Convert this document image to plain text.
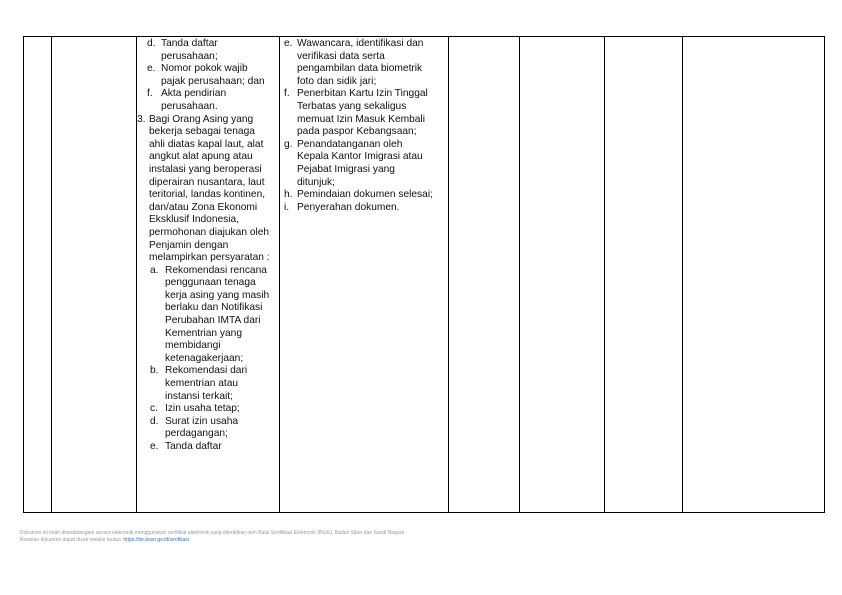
d. Tanda daftar perusahaan;
e. Nomor pokok wajib pajak perusahaan; dan
f. Akta pendirian perusahaan.
3. Bagi Orang Asing yang bekerja sebagai tenaga ahli diatas kapal laut, alat angkut alat apung atau instalasi yang beroperasi diperairan nusantara, laut teritorial, landas kontinen, dan/atau Zona Ekonomi Eksklusif Indonesia, permohonan diajukan oleh Penjamin dengan melampirkan persyaratan :
a. Rekomendasi rencana penggunaan tenaga kerja asing yang masih berlaku dan Notifikasi Perubahan IMTA dari Kementrian yang membidangi ketenagakerjaan;
b. Rekomendasi dari kementrian atau instansi terkait;
c. Izin usaha tetap;
d. Surat izin usaha perdagangan;
e. Tanda daftar

e. Wawancara, identifikasi dan verifikasi data serta pengambilan data biometrik foto dan sidik jari;
f. Penerbitan Kartu Izin Tinggal Terbatas yang sekaligus memuat Izin Masuk Kembali pada paspor Kebangsaan;
g. Penandatanganan oleh Kepala Kantor Imigrasi atau Pejabat Imigrasi yang ditunjuk;
h. Pemindaian dokumen selesai;
i. Penyerahan dokumen.

Dokumen ini telah ditandatangani secara elektronik menggunakan sertifikat elektronik yang diterbitkan oleh Balai Sertifikasi Elektronik (BSrE), Badan Siber dan Sandi Negara
Keaslian dokumen dapat dicek melalui tautan: https://tte.bssn.go.id/verifikasi
